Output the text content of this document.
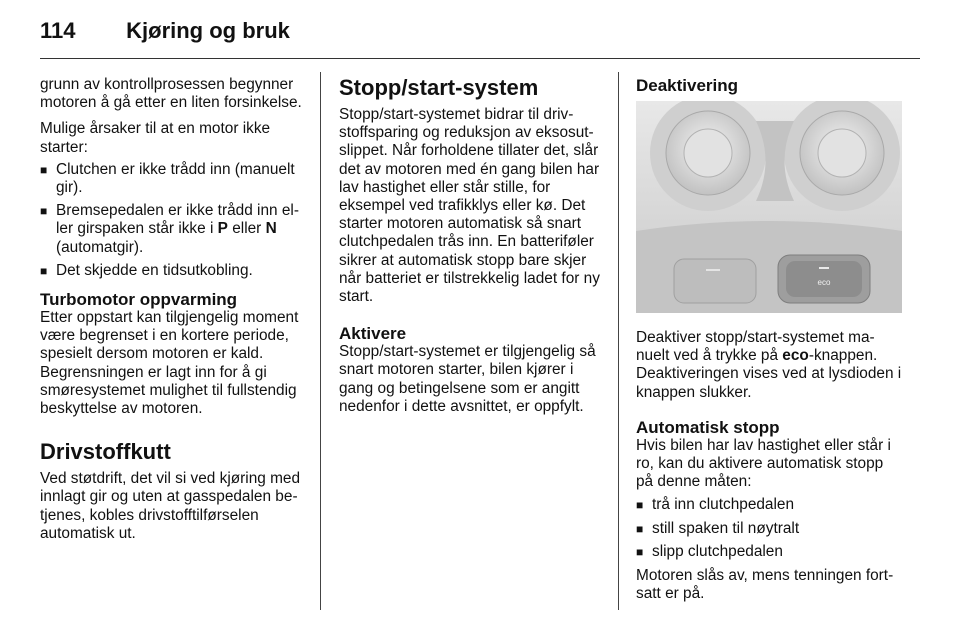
114 Kjøring og bruk

grunn av kontrollprosessen begynner motoren å gå etter en liten forsinkelse.

Mulige årsaker til at en motor ikke starter:

■ Clutchen er ikke trådd inn (manuelt gir).
■ Bremsepedalen er ikke trådd inn eller girspaken står ikke i P eller N (automatgir).
■ Det skjedde en tidsutkobling.
Turbomotor oppvarming

Etter oppstart kan tilgjengelig moment være begrenset i en kortere periode, spesielt dersom motoren er kald. Begrensningen er lagt inn for å gi smøresystemet mulighet til fullstendig beskyttelse av motoren.

Drivstoffkutt

Ved støtdrift, det vil si ved kjøring med innlagt gir og uten at gasspedalen betjenes, kobles drivstofftilførselen automatisk ut.

Stopp/start-system

Stopp/start-systemet bidrar til drivstoffsparing og reduksjon av eksosutslippet. Når forholdene tillater det, slår det av motoren med én gang bilen har lav hastighet eller står stille, for eksempel ved trafikklys eller kø. Det starter motoren automatisk så snart clutchpedalen trås inn. En batteriføler sikrer at automatisk stopp bare skjer når batteriet er tilstrekkelig ladet for ny start.

Aktivere

Stopp/start-systemet er tilgjengelig så snart motoren starter, bilen kjører i gang og betingelsene som er angitt nedenfor i dette avsnittet, er oppfylt.

Deaktivering
eco

Deaktiver stopp/start-systemet manuelt ved å trykke på eco-knappen. Deaktiveringen vises ved at lysdioden i knappen slukker.

Automatisk stopp

Hvis bilen har lav hastighet eller står i ro, kan du aktivere automatisk stopp på denne måten:

■ trå inn clutchpedalen
■ still spaken til nøytralt
■ slipp clutchpedalen

Motoren slås av, mens tenningen fortsatt er på.
